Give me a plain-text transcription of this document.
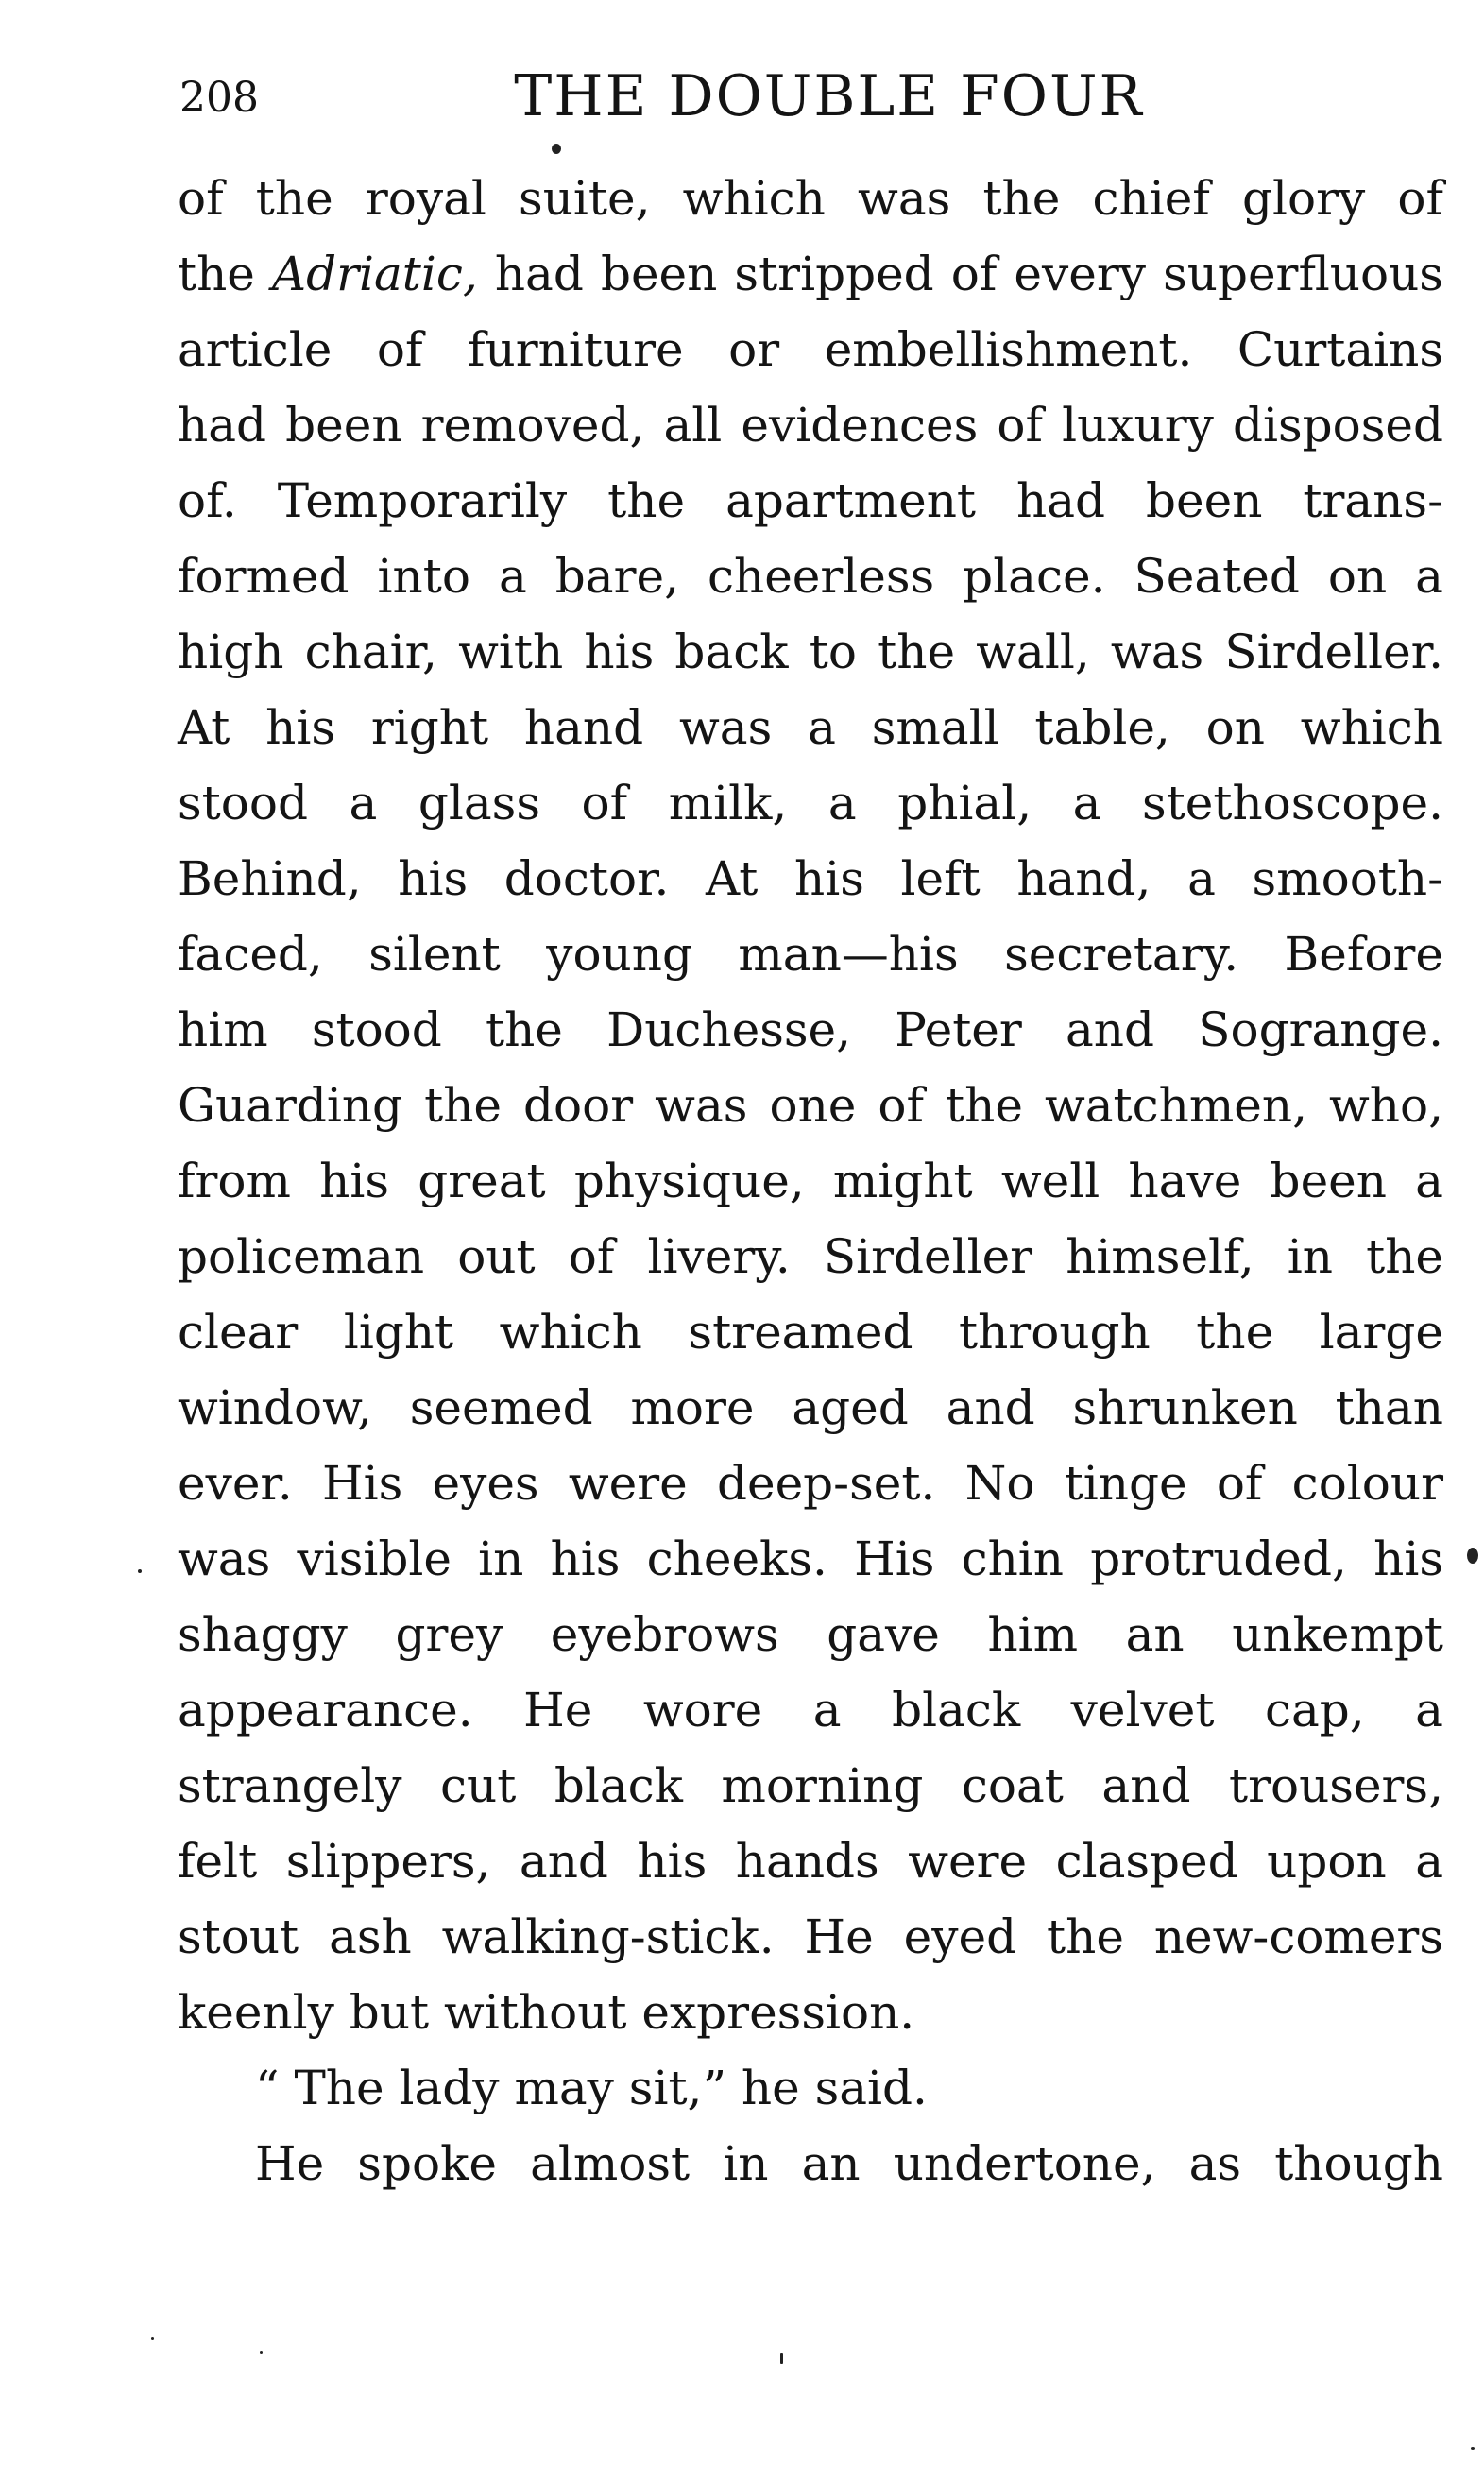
208	THE DOUBLE FOUR
of the royal suite, which was the chief glory of
the Adriatic, had been stripped of every superfluous
article of furniture or embellishment. Curtains
had been removed, all evidences of luxury disposed
of. Temporarily the apartment had been trans-
formed into a bare, cheerless place. Seated on a
high chair, with his back to the wall, was Sirdeller.
At his right hand was a small table, on which
stood a glass of milk, a phial, a stethoscope.
Behind, his doctor. At his left hand, a smooth-
faced, silent young man—his secretary. Before
him stood the Duchesse, Peter and Sogrange.
Guarding the door was one of the watchmen, who,
from his great physique, might well have been a
policeman out of livery. Sirdeller himself, in the
clear light which streamed through the large
window, seemed more aged and shrunken than
ever. His eyes were deep-set. No tinge of colour
was visible in his cheeks. His chin protruded, his
shaggy grey eyebrows gave him an unkempt
appearance. He wore a black velvet cap, a
strangely cut black morning coat and trousers,
felt slippers, and his hands were clasped upon a
stout ash walking-stick. He eyed the new-comers
keenly but without expression.
“ The lady may sit,” he said.
He spoke almost in an undertone, as though
